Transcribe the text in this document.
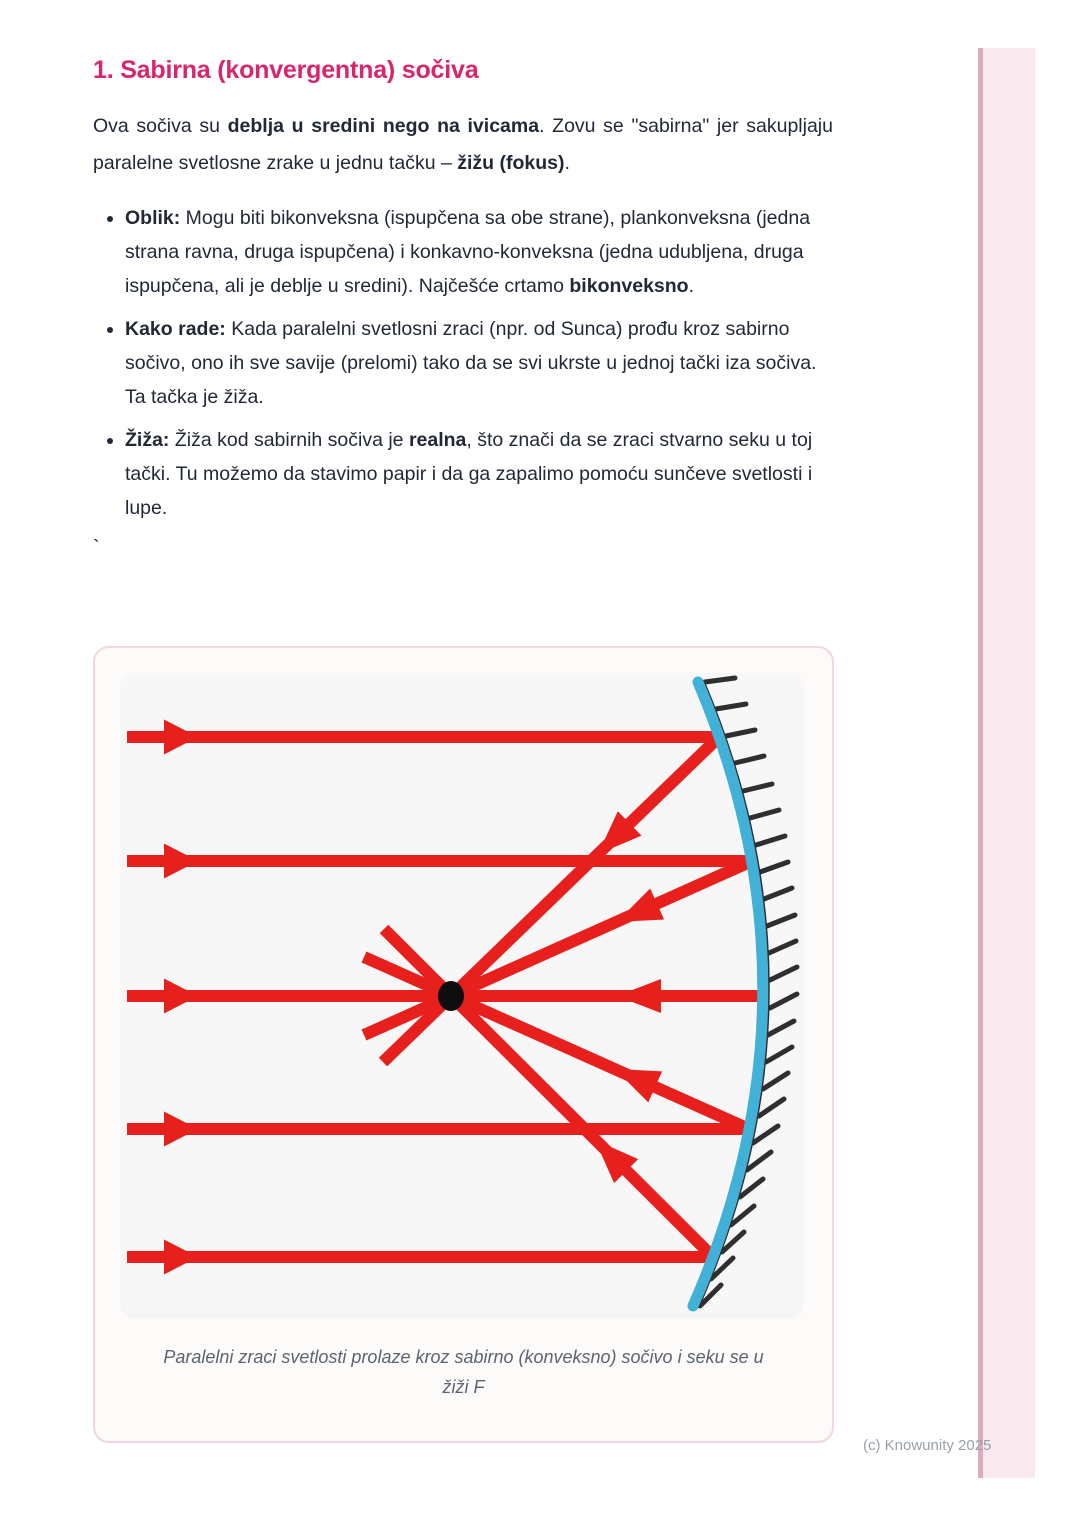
1. Sabirna (konvergentna) sočiva

Ova sočiva su deblja u sredini nego na ivicama. Zovu se "sabirna" jer sakupljaju paralelne svetlosne zrake u jednu tačku – žižu (fokus).

• Oblik: Mogu biti bikonveksna (ispupčena sa obe strane), plankonveksna (jedna strana ravna, druga ispupčena) i konkavno-konveksna (jedna udubljena, druga ispupčena, ali je deblje u sredini). Najčešće crtamo bikonveksno.
• Kako rade: Kada paralelni svetlosni zraci (npr. od Sunca) prođu kroz sabirno sočivo, ono ih sve savije (prelomi) tako da se svi ukrste u jednoj tački iza sočiva. Ta tačka je žiža.
• Žiža: Žiža kod sabirnih sočiva je realna, što znači da se zraci stvarno seku u toj tački. Tu možemo da stavimo papir i da ga zapalimo pomoću sunčeve svetlosti i lupe.
`
Paralelni zraci svetlosti prolaze kroz sabirno (konveksno) sočivo i seku se u
žiži F
(c) Knowunity 2025
